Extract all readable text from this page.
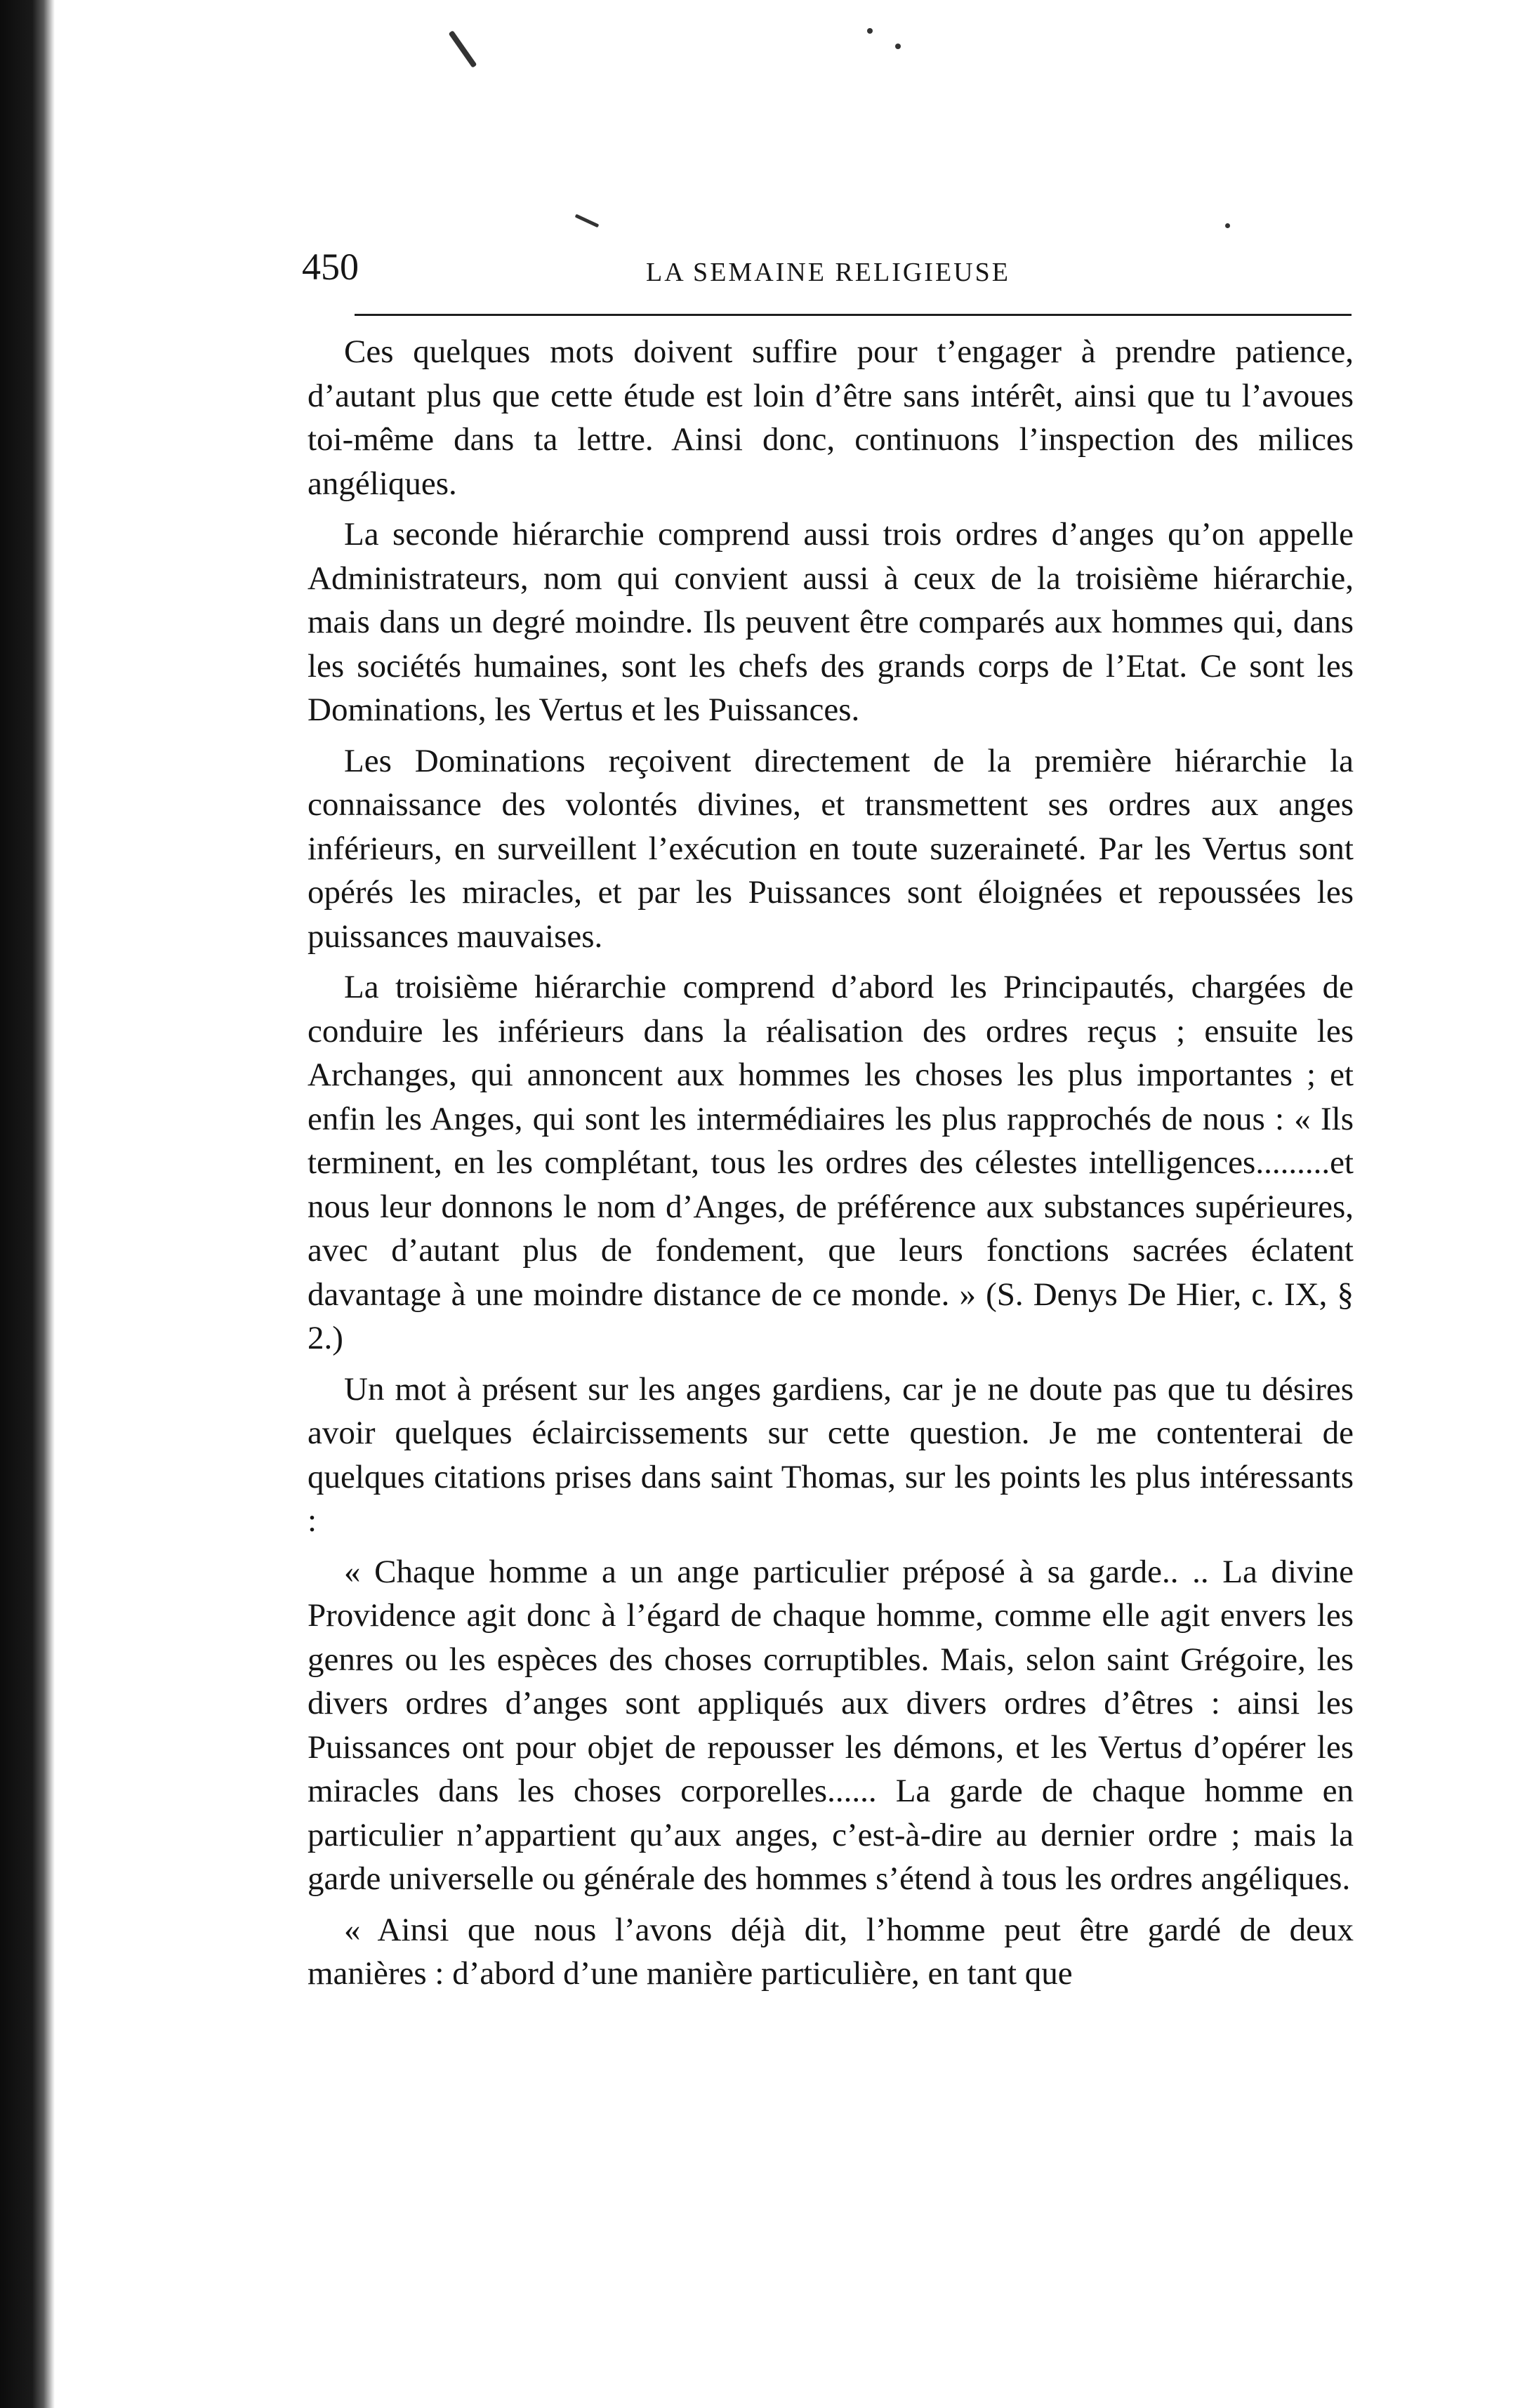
450	LA SEMAINE RELIGIEUSE

Ces quelques mots doivent suffire pour t’engager à prendre patience, d’autant plus que cette étude est loin d’être sans intérêt, ainsi que tu l’avoues toi-même dans ta lettre. Ainsi donc, continuons l’inspection des milices angéliques.

La seconde hiérarchie comprend aussi trois ordres d’anges qu’on appelle Administrateurs, nom qui convient aussi à ceux de la troisième hiérarchie, mais dans un degré moindre. Ils peuvent être comparés aux hommes qui, dans les sociétés humaines, sont les chefs des grands corps de l’Etat. Ce sont les Dominations, les Vertus et les Puissances.

Les Dominations reçoivent directement de la première hiérarchie la connaissance des volontés divines, et transmettent ses ordres aux anges inférieurs, en surveillent l’exécution en toute suzeraineté. Par les Vertus sont opérés les miracles, et par les Puissances sont éloignées et repoussées les puissances mauvaises.

La troisième hiérarchie comprend d’abord les Principautés, chargées de conduire les inférieurs dans la réalisation des ordres reçus ; ensuite les Archanges, qui annoncent aux hommes les choses les plus importantes ; et enfin les Anges, qui sont les intermédiaires les plus rapprochés de nous : « Ils terminent, en les complétant, tous les ordres des célestes intelligences.........et nous leur donnons le nom d’Anges, de préférence aux substances supérieures, avec d’autant plus de fondement, que leurs fonctions sacrées éclatent davantage à une moindre distance de ce monde. » (S. Denys De Hier, c. IX, § 2.)

Un mot à présent sur les anges gardiens, car je ne doute pas que tu désires avoir quelques éclaircissements sur cette question. Je me contenterai de quelques citations prises dans saint Thomas, sur les points les plus intéressants :

« Chaque homme a un ange particulier préposé à sa garde.. .. La divine Providence agit donc à l’égard de chaque homme, comme elle agit envers les genres ou les espèces des choses corruptibles. Mais, selon saint Grégoire, les divers ordres d’anges sont appliqués aux divers ordres d’êtres : ainsi les Puissances ont pour objet de repousser les démons, et les Vertus d’opérer les miracles dans les choses corporelles...... La garde de chaque homme en particulier n’appartient qu’aux anges, c’est-à-dire au dernier ordre ; mais la garde universelle ou générale des hommes s’étend à tous les ordres angéliques.

« Ainsi que nous l’avons déjà dit, l’homme peut être gardé de deux manières : d’abord d’une manière particulière, en tant que
